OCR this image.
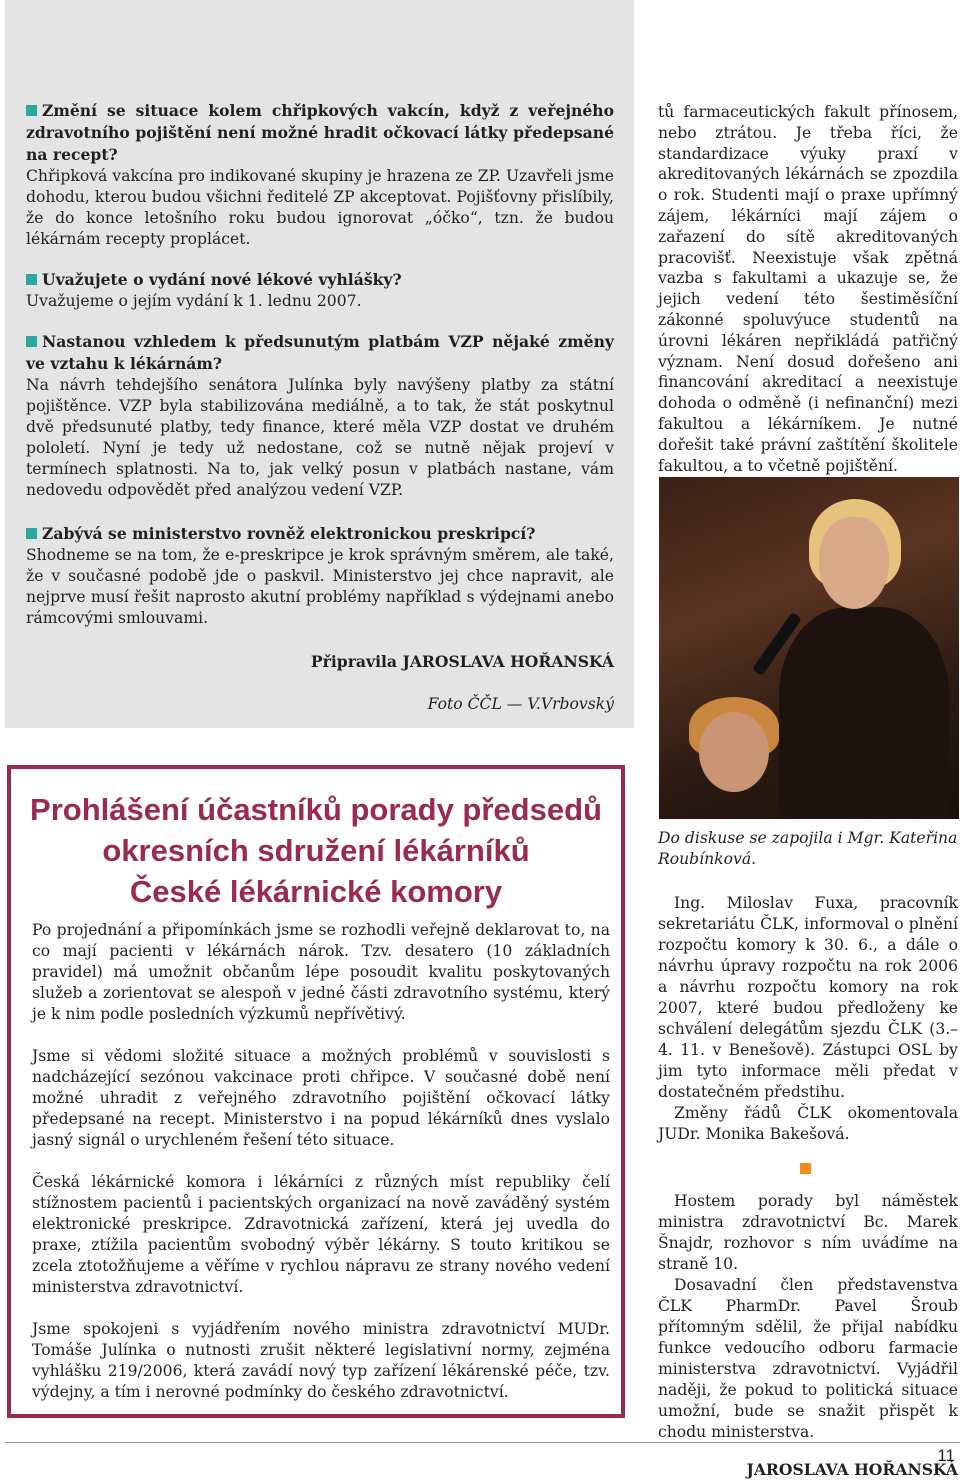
Změní se situace kolem chřipkových vakcín, když z veřejného zdravotního pojištění není možné hradit očkovací látky předepsané na recept?

Chřipková vakcína pro indikované skupiny je hrazena ze ZP. Uzavřeli jsme dohodu, kterou budou všichni ředitelé ZP akceptovat. Pojišťovny přislíbily, že do konce letošního roku budou ignorovat „óčko“, tzn. že budou lékárnám recepty proplácet.

Uvažujete o vydání nové lékové vyhlášky?

Uvažujeme o jejím vydání k 1. lednu 2007.

Nastanou vzhledem k předsunutým platbám VZP nějaké změny ve vztahu k lékárnám?

Na návrh tehdejšího senátora Julínka byly navýšeny platby za státní pojištěnce. VZP byla stabilizována mediálně, a to tak, že stát poskytnul dvě předsunuté platby, tedy finance, které měla VZP dostat ve druhém pololetí. Nyní je tedy už nedostane, což se nutně nějak projeví v termínech splatnosti. Na to, jak velký posun v platbách nastane, vám nedovedu odpovědět před analýzou vedení VZP.

Zabývá se ministerstvo rovněž elektronickou preskripcí?

Shodneme se na tom, že e-preskripce je krok správným směrem, ale také, že v současné podobě jde o paskvil. Ministerstvo jej chce napravit, ale nejprve musí řešit naprosto akutní problémy například s výdejnami anebo rámcovými smlouvami.

Připravila JAROSLAVA HOŘANSKÁ

Foto ČČL — V.Vrbovský

tů farmaceutických fakult přínosem, nebo ztrátou. Je třeba říci, že standardizace výuky praxí v akreditovaných lékárnách se zpozdila o rok. Studenti mají o praxe upřímný zájem, lékárníci mají zájem o zařazení do sítě akreditovaných pracovišť. Neexistuje však zpětná vazba s fakultami a ukazuje se, že jejich vedení této šestiměsíční zákonné spoluvýuce studentů na úrovni lékáren nepřikládá patřičný význam. Není dosud dořešeno ani financování akreditací a neexistuje dohoda o odměně (i nefinanční) mezi fakultou a lékárníkem. Je nutné dořešit také právní zaštítění školitele fakultou, a to včetně pojištění.

Do diskuse se zapojila i Mgr. Kateřina Roubínková.
Prohlášení účastníků porady předsedů
okresních sdružení lékárníků
České lékárnické komory

Po projednání a připomínkách jsme se rozhodli veřejně deklarovat to, na co mají pacienti v lékárnách nárok. Tzv. desatero (10 základních pravidel) má umožnit občanům lépe posoudit kvalitu poskytovaných služeb a zorientovat se alespoň v jedné části zdravotního systému, který je k nim podle posledních výzkumů nepřívětivý.

Jsme si vědomi složité situace a možných problémů v souvislosti s nadcházející sezónou vakcinace proti chřipce. V současné době není možné uhradit z veřejného zdravotního pojištění očkovací látky předepsané na recept. Ministerstvo i na popud lékárníků dnes vyslalo jasný signál o urychleném řešení této situace.

Česká lékárnické komora i lékárníci z různých míst republiky čelí stížnostem pacientů i pacientských organizací na nově zaváděný systém elektronické preskripce. Zdravotnická zařízení, která jej uvedla do praxe, ztížila pacientům svobodný výběr lékárny. S touto kritikou se zcela ztotožňujeme a věříme v rychlou nápravu ze strany nového vedení ministerstva zdravotnictví.

Jsme spokojeni s vyjádřením nového ministra zdravotnictví MUDr. Tomáše Julínka o nutnosti zrušit některé legislativní normy, zejména vyhlášku 219/2006, která zavádí nový typ zařízení lékárenské péče, tzv. výdejny, a tím i nerovné podmínky do českého zdravotnictví.

Ing. Miloslav Fuxa, pracovník sekretariátu ČLK, informoval o plnění rozpočtu komory k 30. 6., a dále o návrhu úpravy rozpočtu na rok 2006 a návrhu rozpočtu komory na rok 2007, které budou předloženy ke schválení delegátům sjezdu ČLK (3.–4. 11. v Benešově). Zástupci OSL by jim tyto informace měli předat v dostatečném předstihu.

Změny řádů ČLK okomentovala JUDr. Monika Bakešová.

Hostem porady byl náměstek ministra zdravotnictví Bc. Marek Šnajdr, rozhovor s ním uvádíme na straně 10.

Dosavadní člen představenstva ČLK PharmDr. Pavel Šroub přítomným sdělil, že přijal nabídku funkce vedoucího odboru farmacie ministerstva zdravotnictví. Vyjádřil naději, že pokud to politická situace umožní, bude se snažit přispět k chodu ministerstva.

JAROSLAVA HOŘANSKÁ

11
